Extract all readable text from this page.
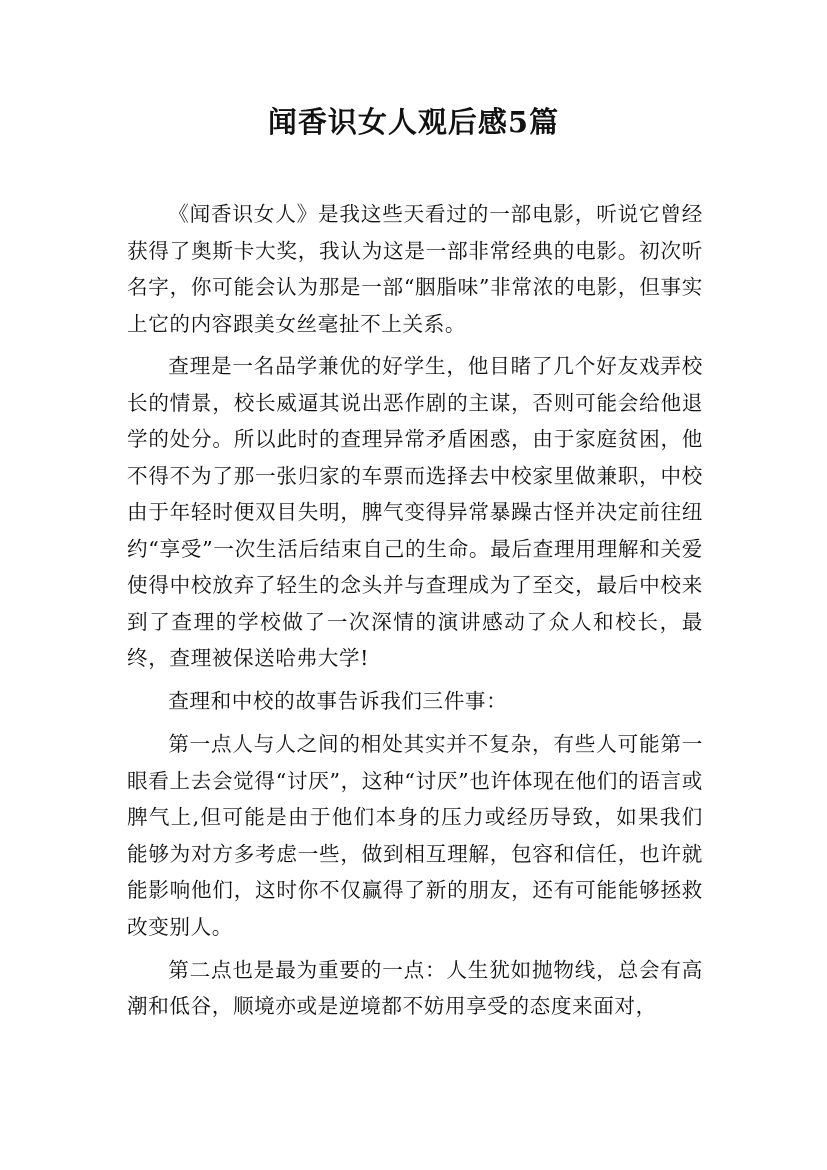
闻香识女人观后感5篇

《闻香识女人》是我这些天看过的一部电影，听说它曾经获得了奥斯卡大奖，我认为这是一部非常经典的电影。初次听名字，你可能会认为那是一部“胭脂味”非常浓的电影，但事实上它的内容跟美女丝毫扯不上关系。

查理是一名品学兼优的好学生，他目睹了几个好友戏弄校长的情景，校长威逼其说出恶作剧的主谋，否则可能会给他退学的处分。所以此时的查理异常矛盾困惑，由于家庭贫困，他不得不为了那一张归家的车票而选择去中校家里做兼职，中校由于年轻时便双目失明，脾气变得异常暴躁古怪并决定前往纽约“享受”一次生活后结束自己的生命。最后查理用理解和关爱使得中校放弃了轻生的念头并与查理成为了至交，最后中校来到了查理的学校做了一次深情的演讲感动了众人和校长，最终，查理被保送哈弗大学!

查理和中校的故事告诉我们三件事：

第一点人与人之间的相处其实并不复杂，有些人可能第一眼看上去会觉得“讨厌”，这种“讨厌”也许体现在他们的语言或脾气上,但可能是由于他们本身的压力或经历导致，如果我们能够为对方多考虑一些，做到相互理解，包容和信任，也许就能影响他们，这时你不仅赢得了新的朋友，还有可能能够拯救改变别人。

第二点也是最为重要的一点：人生犹如抛物线，总会有高潮和低谷，顺境亦或是逆境都不妨用享受的态度来面对，
